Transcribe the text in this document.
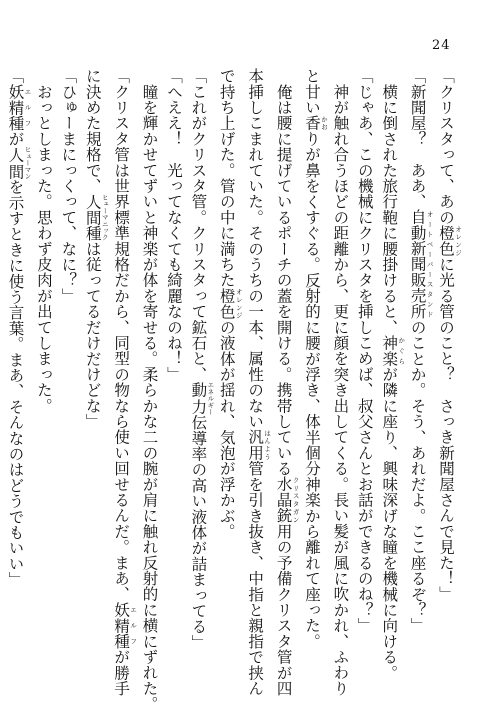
24
「クリスタって、あの橙色 オレンジに光る管のこと？　さっき新聞屋さんで見た！」
「新聞屋？　ああ、自動新聞販売所 オートペーパースタンドのことか。そう、あれだよ。ここ座るぞ？」
　横に倒された旅行鞄に腰掛けると、神楽 かぐらが隣に座り、興味深げな瞳を機械に向ける。
「じゃあ、この機械にクリスタを挿しこめば、叔父さんとお話ができるのね？」
　神が触れ合うほどの距離から、更に顔を突き出してくる。長い髪が風に吹かれ、ふわり
と甘い香 かおりが鼻をくすぐる。反射的に腰が浮き、体半個分神楽から離れて座った。
　俺は腰に提げているポーチの蓋を開ける。携帯している水晶銃 クリスタガン用の予備クリスタ管が四
本挿しこまれていた。そのうちの一本、属性のない汎用 はんよう管を引き抜き、中指と親指で挟ん
で持ち上げた。管の中に満ちた橙色 オレンジの液体が揺れ、気泡が浮かぶ。
「これがクリスタ管。クリスタって鉱石と、動力 エネルギー伝導率の高い液体が詰まってる」
「へええ！　光ってなくても綺麗なのね！」
　瞳を輝かせてずいと神楽が体を寄せる。柔らかな二の腕が肩に触れ反射的に横にずれた。
「クリスタ管は世界標準規格だから、同型の物なら使い回せるんだ。まあ、妖精種 エルフが勝手
に決めた規格で、人間種 ヒューマニックは従ってるだけだけどな」
「ひゅーまにっくって、なに？」
　おっとしまった。思わず皮肉が出てしまった。
「妖精種 エルフが人間 ヒューマンを示すときに使う言葉。まあ、そんなのはどうでもいい」
